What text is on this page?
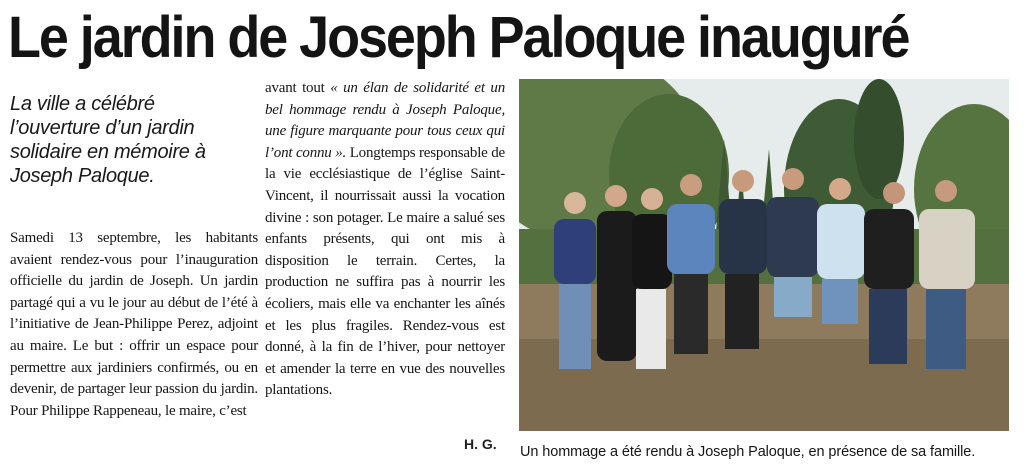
Le jardin de Joseph Paloque inauguré
La ville a célébré l’ouverture d’un jardin solidaire en mémoire à Joseph Paloque.

Samedi 13 septembre, les habitants avaient rendez-vous pour l’inauguration officielle du jardin de Joseph. Un jardin partagé qui a vu le jour au début de l’été à l’initiative de Jean-Philippe Perez, adjoint au maire. Le but : offrir un espace pour permettre aux jardiniers confirmés, ou en devenir, de partager leur passion du jardin. Pour Philippe Rappeneau, le maire, c’est

avant tout « un élan de solidarité et un bel hommage rendu à Joseph Paloque, une figure marquante pour tous ceux qui l’ont connu ». Longtemps responsable de la vie ecclésiastique de l’église Saint-Vincent, il nourrissait aussi la vocation divine : son potager. Le maire a salué ses enfants présents, qui ont mis à disposition le terrain. Certes, la production ne suffira pas à nourrir les écoliers, mais elle va enchanter les aînés et les plus fragiles. Rendez-vous est donné, à la fin de l’hiver, pour nettoyer et amender la terre en vue des nouvelles plantations.

H. G. Un hommage a été rendu à Joseph Paloque, en présence de sa famille.
